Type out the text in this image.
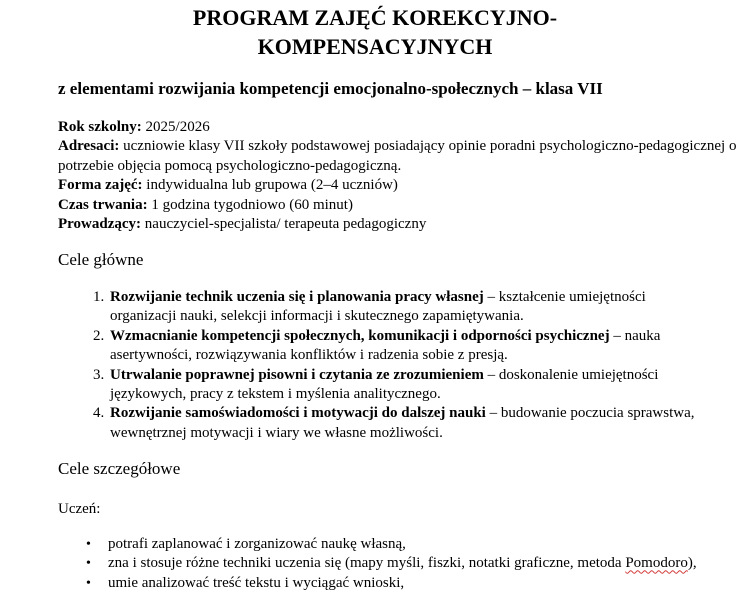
PROGRAM ZAJĘĆ KOREKCYJNO-
KOMPENSACYJNYCH

z elementami rozwijania kompetencji emocjonalno-społecznych – klasa VII

Rok szkolny: 2025/2026

Adresaci: uczniowie klasy VII szkoły podstawowej posiadający opinie poradni psychologiczno-pedagogicznej o potrzebie objęcia pomocą psychologiczno-pedagogiczną.

Forma zajęć: indywidualna lub grupowa (2–4 uczniów)

Czas trwania: 1 godzina tygodniowo (60 minut)

Prowadzący: nauczyciel-specjalista/ terapeuta pedagogiczny

Cele główne
1. Rozwijanie technik uczenia się i planowania pracy własnej – kształcenie umiejętności organizacji nauki, selekcji informacji i skutecznego zapamiętywania.
2. Wzmacnianie kompetencji społecznych, komunikacji i odporności psychicznej – nauka asertywności, rozwiązywania konfliktów i radzenia sobie z presją.
3. Utrwalanie poprawnej pisowni i czytania ze zrozumieniem – doskonalenie umiejętności językowych, pracy z tekstem i myślenia analitycznego.
4. Rozwijanie samoświadomości i motywacji do dalszej nauki – budowanie poczucia sprawstwa, wewnętrznej motywacji i wiary we własne możliwości.
Cele szczegółowe

Uczeń:

• potrafi zaplanować i zorganizować naukę własną,
• zna i stosuje różne techniki uczenia się (mapy myśli, fiszki, notatki graficzne, metoda Pomodoro),
• umie analizować treść tekstu i wyciągać wnioski,
